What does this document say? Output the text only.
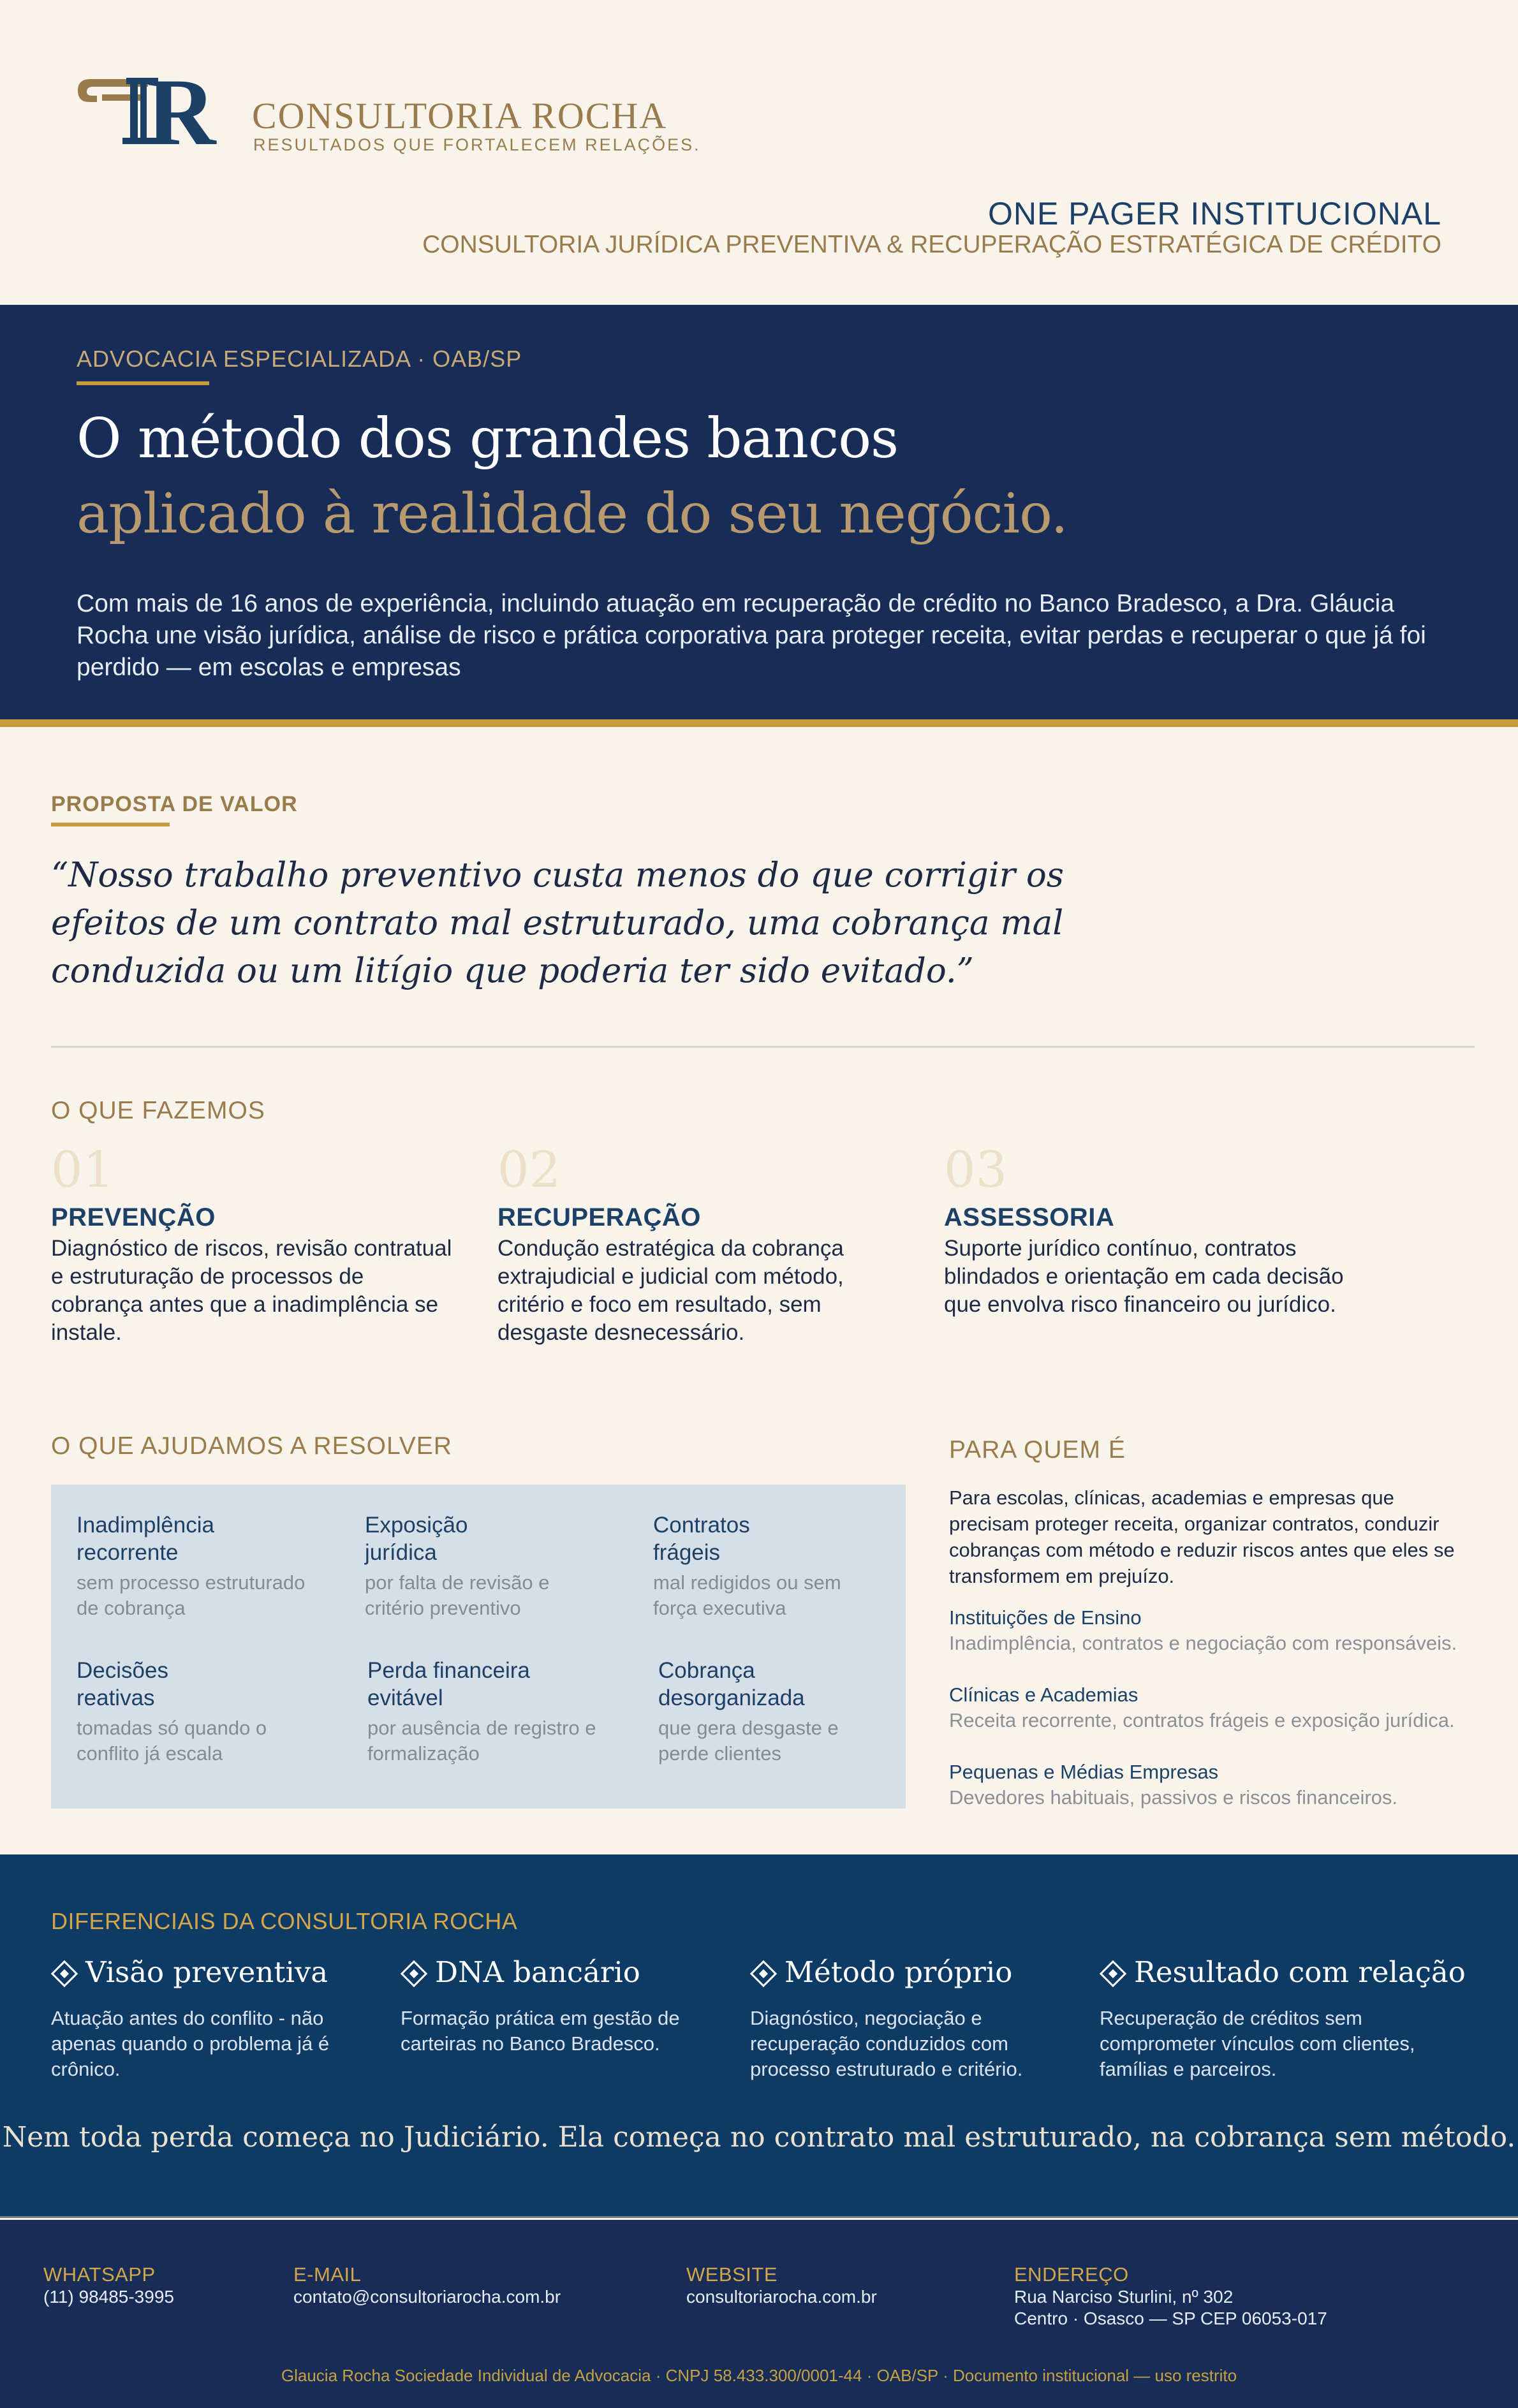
R CONSULTORIA ROCHA
RESULTADOS QUE FORTALECEM RELAÇÕES.
ONE PAGER INSTITUCIONAL
CONSULTORIA JURÍDICA PREVENTIVA & RECUPERAÇÃO ESTRATÉGICA DE CRÉDITO
ADVOCACIA ESPECIALIZADA · OAB/SP
O método dos grandes bancos
aplicado à realidade do seu negócio.
Com mais de 16 anos de experiência, incluindo atuação em recuperação de crédito no Banco Bradesco, a Dra. Gláucia Rocha une visão jurídica, análise de risco e prática corporativa para proteger receita, evitar perdas e recuperar o que já foi perdido — em escolas e empresas
PROPOSTA DE VALOR
“Nosso trabalho preventivo custa menos do que corrigir os efeitos de um contrato mal estruturado, uma cobrança mal conduzida ou um litígio que poderia ter sido evitado.”
O QUE FAZEMOS
01
PREVENÇÃO
Diagnóstico de riscos, revisão contratual e estruturação de processos de cobrança antes que a inadimplência se instale.
02
RECUPERAÇÃO
Condução estratégica da cobrança extrajudicial e judicial com método, critério e foco em resultado, sem desgaste desnecessário.
03
ASSESSORIA
Suporte jurídico contínuo, contratos blindados e orientação em cada decisão que envolva risco financeiro ou jurídico.
O QUE AJUDAMOS A RESOLVER
Inadimplência recorrente
sem processo estruturado de cobrança
Exposição jurídica
por falta de revisão e critério preventivo
Contratos frágeis
mal redigidos ou sem força executiva
Decisões reativas
tomadas só quando o conflito já escala
Perda financeira evitável
por ausência de registro e formalização
Cobrança desorganizada
que gera desgaste e perde clientes
PARA QUEM É
Para escolas, clínicas, academias e empresas que precisam proteger receita, organizar contratos, conduzir cobranças com método e reduzir riscos antes que eles se transformem em prejuízo.
Instituições de Ensino
Inadimplência, contratos e negociação com responsáveis.
Clínicas e Academias
Receita recorrente, contratos frágeis e exposição jurídica.
Pequenas e Médias Empresas
Devedores habituais, passivos e riscos financeiros.
DIFERENCIAIS DA CONSULTORIA ROCHA
Visão preventiva
Atuação antes do conflito - não apenas quando o problema já é crônico.
DNA bancário
Formação prática em gestão de carteiras no Banco Bradesco.
Método próprio
Diagnóstico, negociação e recuperação conduzidos com processo estruturado e critério.
Resultado com relação
Recuperação de créditos sem comprometer vínculos com clientes, famílias e parceiros.
Nem toda perda começa no Judiciário. Ela começa no contrato mal estruturado, na cobrança sem método.
WHATSAPP
(11) 98485-3995
E-MAIL
contato@consultoriarocha.com.br
WEBSITE
consultoriarocha.com.br
ENDEREÇO
Rua Narciso Sturlini, nº 302
Centro · Osasco — SP CEP 06053-017
Glaucia Rocha Sociedade Individual de Advocacia · CNPJ 58.433.300/0001-44 · OAB/SP · Documento institucional — uso restrito
